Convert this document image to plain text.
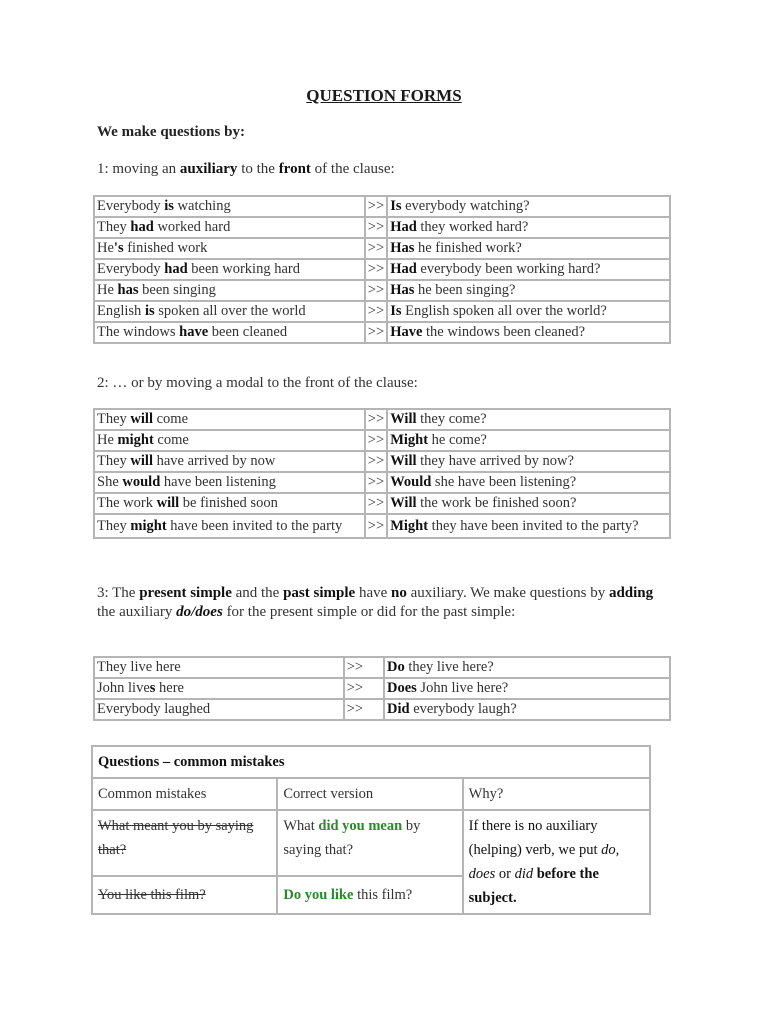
QUESTION FORMS
We make questions by:
1: moving an auxiliary to the front of the clause:
Everybody is watching	>>	Is everybody watching?
They had worked hard	>>	Had they worked hard?
He's finished work	>>	Has he finished work?
Everybody had been working hard	>>	Had everybody been working hard?
He has been singing	>>	Has he been singing?
English is spoken all over the world	>>	Is English spoken all over the world?
The windows have been cleaned	>>	Have the windows been cleaned?
2: … or by moving a modal to the front of the clause:
They will come	>>	Will they come?
He might come	>>	Might he come?
They will have arrived by now	>>	Will they have arrived by now?
She would have been listening	>>	Would she have been listening?
The work will be finished soon	>>	Will the work be finished soon?
They might have been invited to the party	>>	Might they have been invited to the party?
3: The present simple and the past simple have no auxiliary. We make questions by adding the auxiliary do/does for the present simple or did for the past simple:
They live here	>>	Do they live here?
John lives here	>>	Does John live here?
Everybody laughed	>>	Did everybody laugh?
Questions – common mistakes		
Common mistakes	Correct version	Why?
What meant you by saying that?	What did you mean by saying that?	If there is no auxiliary (helping) verb, we put do, does or did before the subject.
You like this film?	Do you like this film?	
